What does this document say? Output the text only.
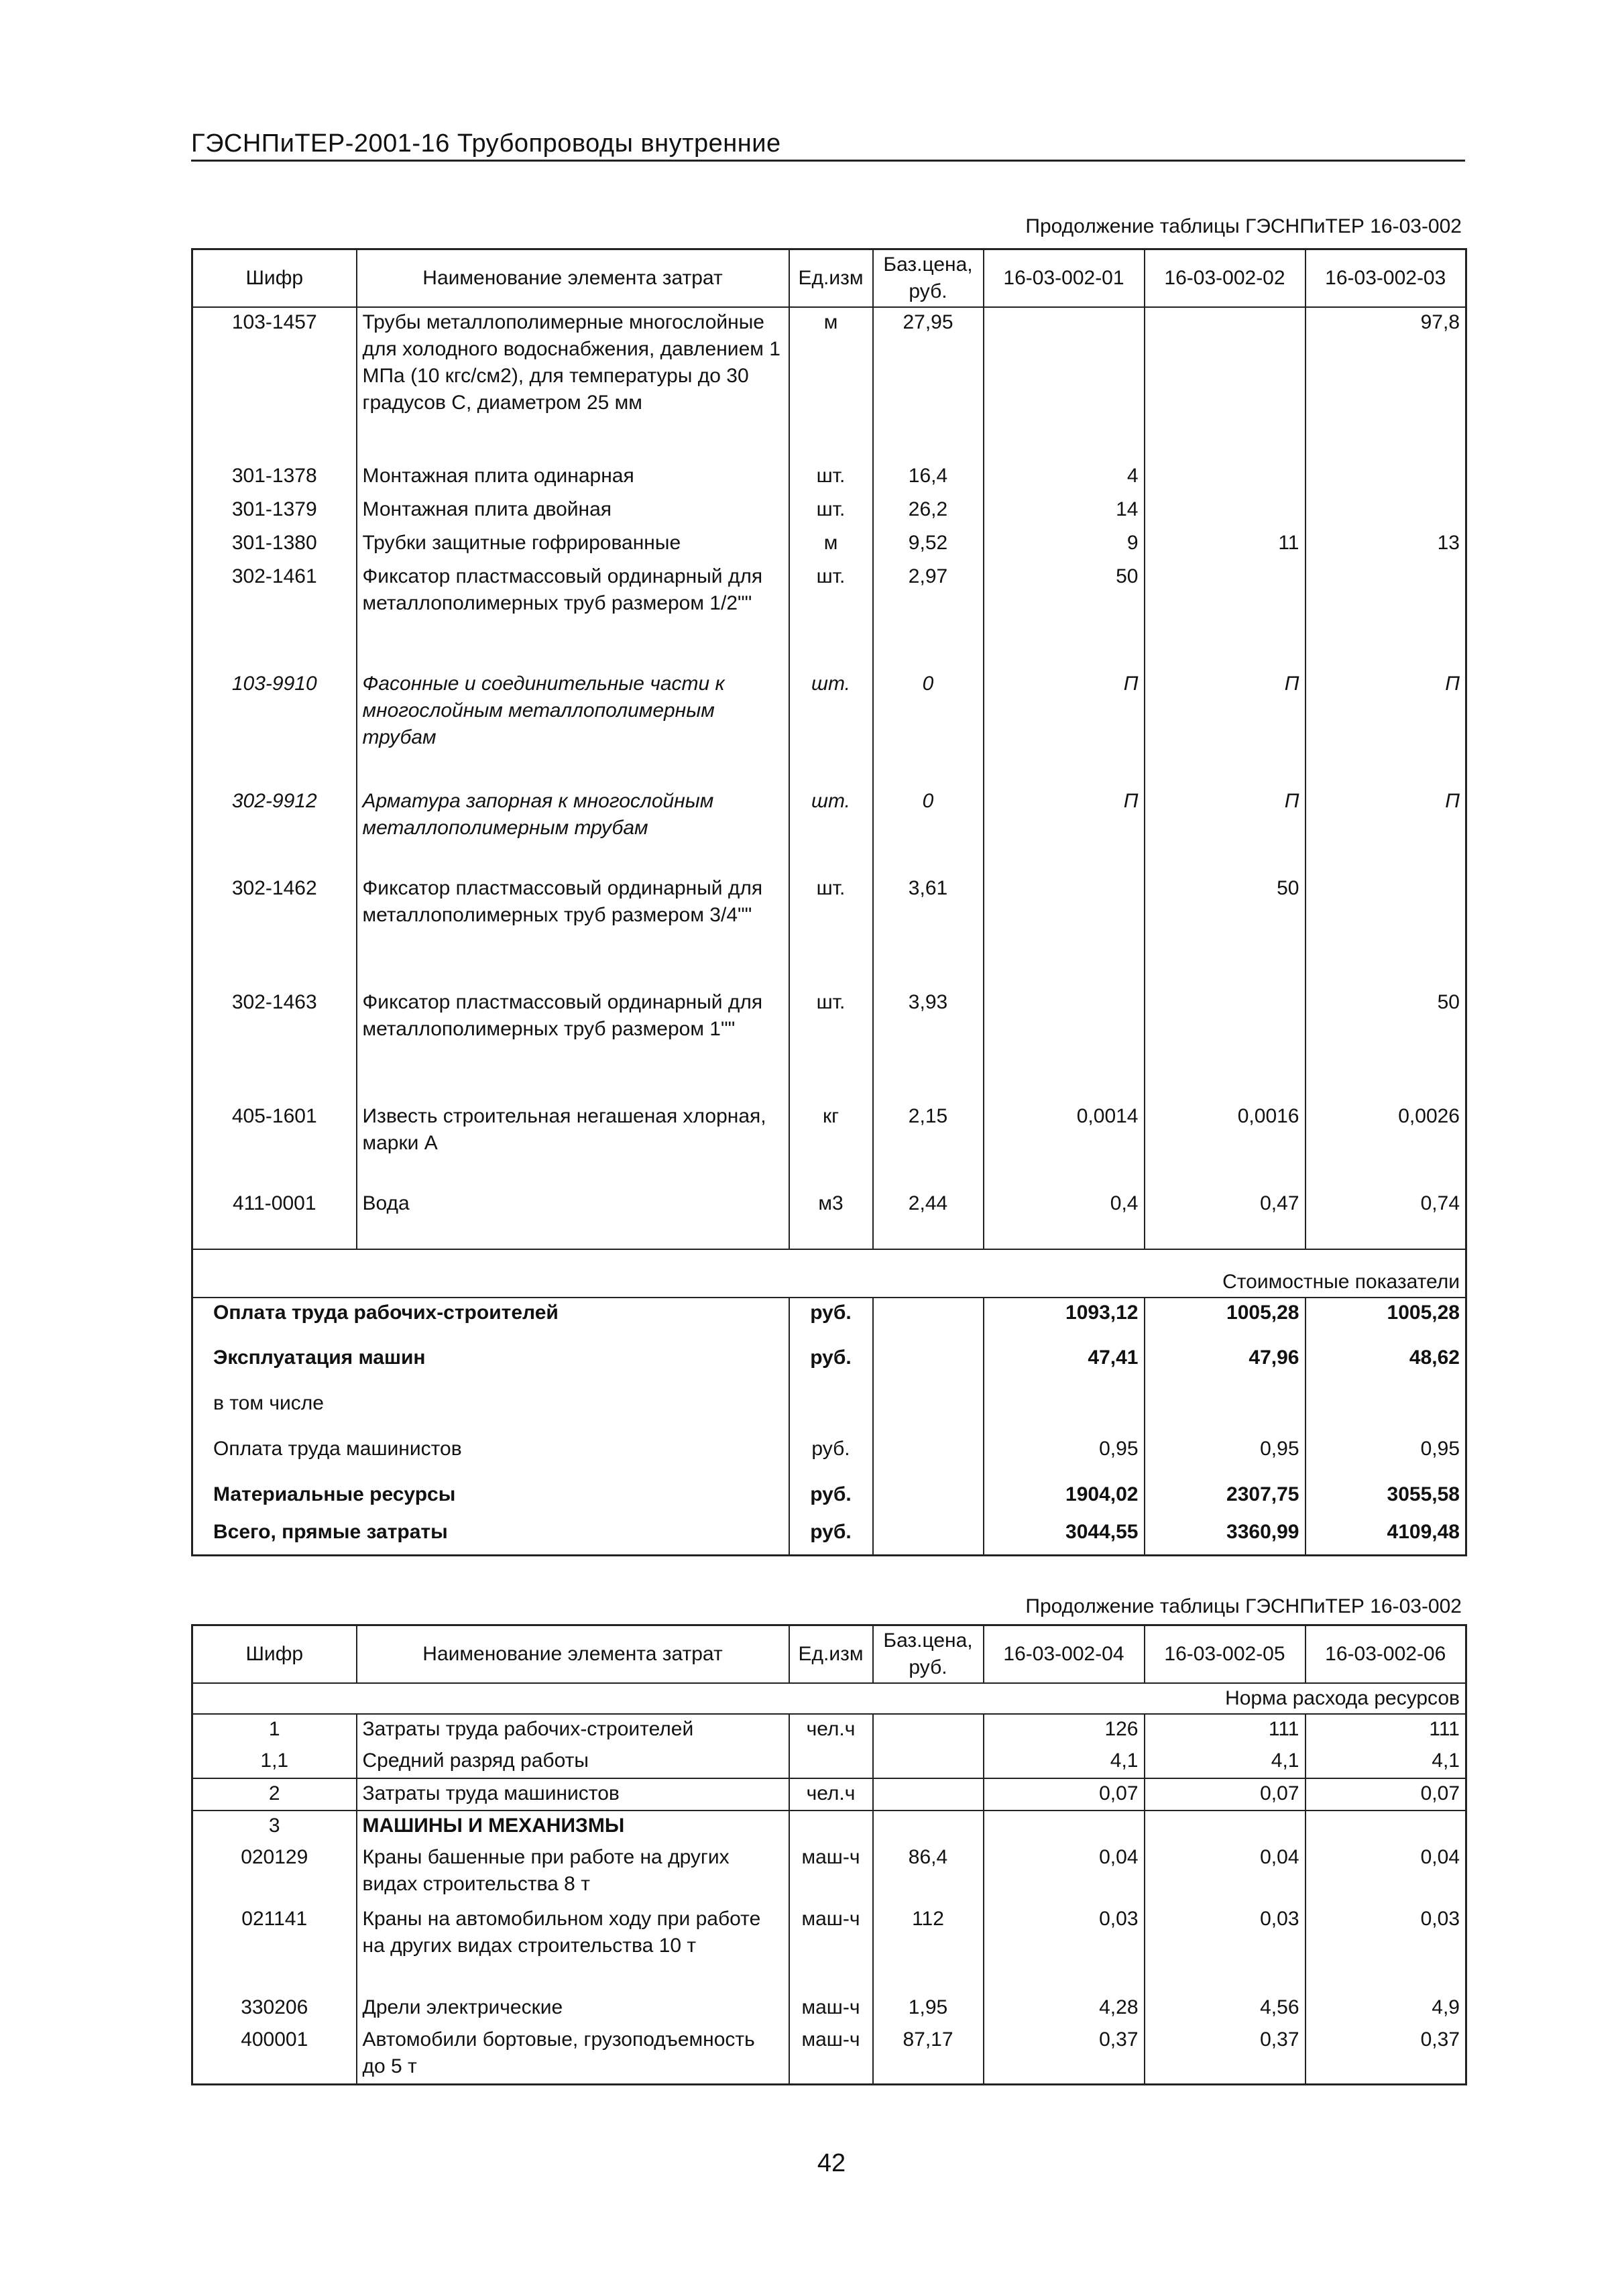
ГЭСНПиТЕР-2001-16 Трубопроводы внутренние
Продолжение таблицы ГЭСНПиТЕР 16-03-002
Шифр	Наименование элемента затрат	Ед.изм	Баз.цена, руб.	16-03-002-01	16-03-002-02	16-03-002-03
103-1457	Трубы металлополимерные многослойные для холодного водоснабжения, давлением 1 МПа (10 кгс/см2), для температуры до 30 градусов С, диаметром 25 мм	м	27,95			97,8
301-1378	Монтажная плита одинарная	шт.	16,4	4		
301-1379	Монтажная плита двойная	шт.	26,2	14		
301-1380	Трубки защитные гофрированные	м	9,52	9	11	13
302-1461	Фиксатор пластмассовый ординарный для металлополимерных труб размером 1/2""	шт.	2,97	50		
103-9910	Фасонные и соединительные части к многослойным металлополимерным трубам	шт.	0	П	П	П
302-9912	Арматура запорная к многослойным металлополимерным трубам	шт.	0	П	П	П
302-1462	Фиксатор пластмассовый ординарный для металлополимерных труб размером 3/4""	шт.	3,61		50	
302-1463	Фиксатор пластмассовый ординарный для металлополимерных труб размером 1""	шт.	3,93			50
405-1601	Известь строительная негашеная хлорная, марки А	кг	2,15	0,0014	0,0016	0,0026
411-0001	Вода	м3	2,44	0,4	0,47	0,74
Стоимостные показатели						
Оплата труда рабочих-строителей		руб.		1093,12	1005,28	1005,28
Эксплуатация машин		руб.		47,41	47,96	48,62
в том числе						
Оплата труда машинистов		руб.		0,95	0,95	0,95
Материальные ресурсы		руб.		1904,02	2307,75	3055,58
Всего, прямые затраты		руб.		3044,55	3360,99	4109,48
Продолжение таблицы ГЭСНПиТЕР 16-03-002
Шифр	Наименование элемента затрат	Ед.изм	Баз.цена, руб.	16-03-002-04	16-03-002-05	16-03-002-06
Норма расхода ресурсов						
1	Затраты труда рабочих-строителей	чел.ч		126	111	111
1,1	Средний разряд работы			4,1	4,1	4,1
2	Затраты труда машинистов	чел.ч		0,07	0,07	0,07
3	МАШИНЫ И МЕХАНИЗМЫ					
020129	Краны башенные при работе на других видах строительства 8 т	маш-ч	86,4	0,04	0,04	0,04
021141	Краны на автомобильном ходу при работе на других видах строительства 10 т	маш-ч	112	0,03	0,03	0,03
330206	Дрели электрические	маш-ч	1,95	4,28	4,56	4,9
400001	Автомобили бортовые, грузоподъемность до 5 т	маш-ч	87,17	0,37	0,37	0,37
42
